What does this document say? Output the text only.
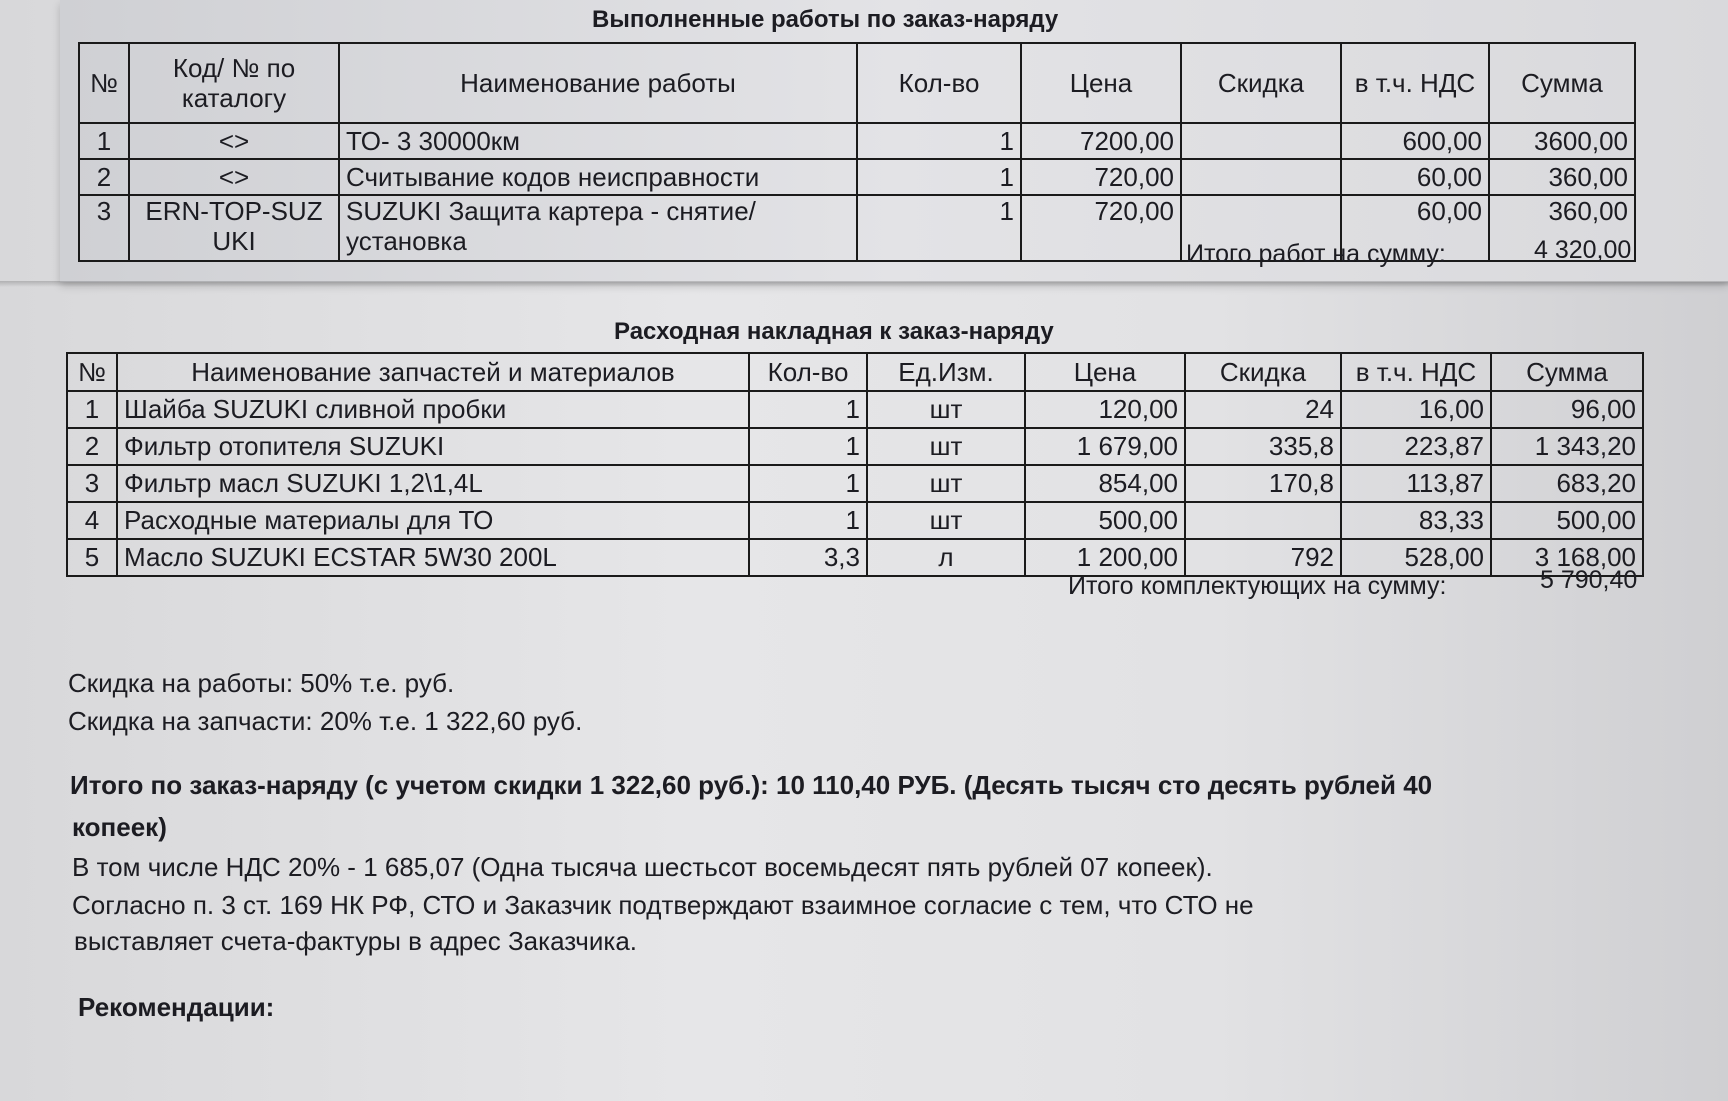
Выполненные работы по заказ-наряду
№	Код/ № по каталогу	Наименование работы	Кол-во	Цена	Скидка	в т.ч. НДС	Сумма
1	<>	ТО- 3 30000км	1	7200,00		600,00	3600,00
2	<>	Считывание кодов неисправности	1	720,00		60,00	360,00
3	ERN-TOP-SUZ UKI	SUZUKI Защита картера - снятие/установка	1	720,00		60,00	360,00
Итого работ на сумму:	4 320,00
Расходная накладная к заказ-наряду
№	Наименование запчастей и материалов	Кол-во	Ед.Изм.	Цена	Скидка	в т.ч. НДС	Сумма
1	Шайба SUZUKI сливной пробки	1	шт	120,00	24	16,00	96,00
2	Фильтр отопителя SUZUKI	1	шт	1 679,00	335,8	223,87	1 343,20
3	Фильтр масл SUZUKI 1,2\1,4L	1	шт	854,00	170,8	113,87	683,20
4	Расходные материалы для ТО	1	шт	500,00		83,33	500,00
5	Масло SUZUKI ECSTAR 5W30 200L	3,3	л	1 200,00	792	528,00	3 168,00
Итого комплектующих на сумму:	5 790,40
Скидка на работы: 50% т.е. руб.
Скидка на запчасти: 20% т.е. 1 322,60 руб.
Итого по заказ-наряду (с учетом скидки 1 322,60 руб.): 10 110,40 РУБ. (Десять тысяч сто десять рублей 40
копеек)
В том числе НДС 20% - 1 685,07 (Одна тысяча шестьсот восемьдесят пять рублей 07 копеек).
Согласно п. 3 ст. 169 НК РФ, СТО и Заказчик подтверждают взаимное согласие с тем, что СТО не
выставляет счета-фактуры в адрес Заказчика.
Рекомендации:
